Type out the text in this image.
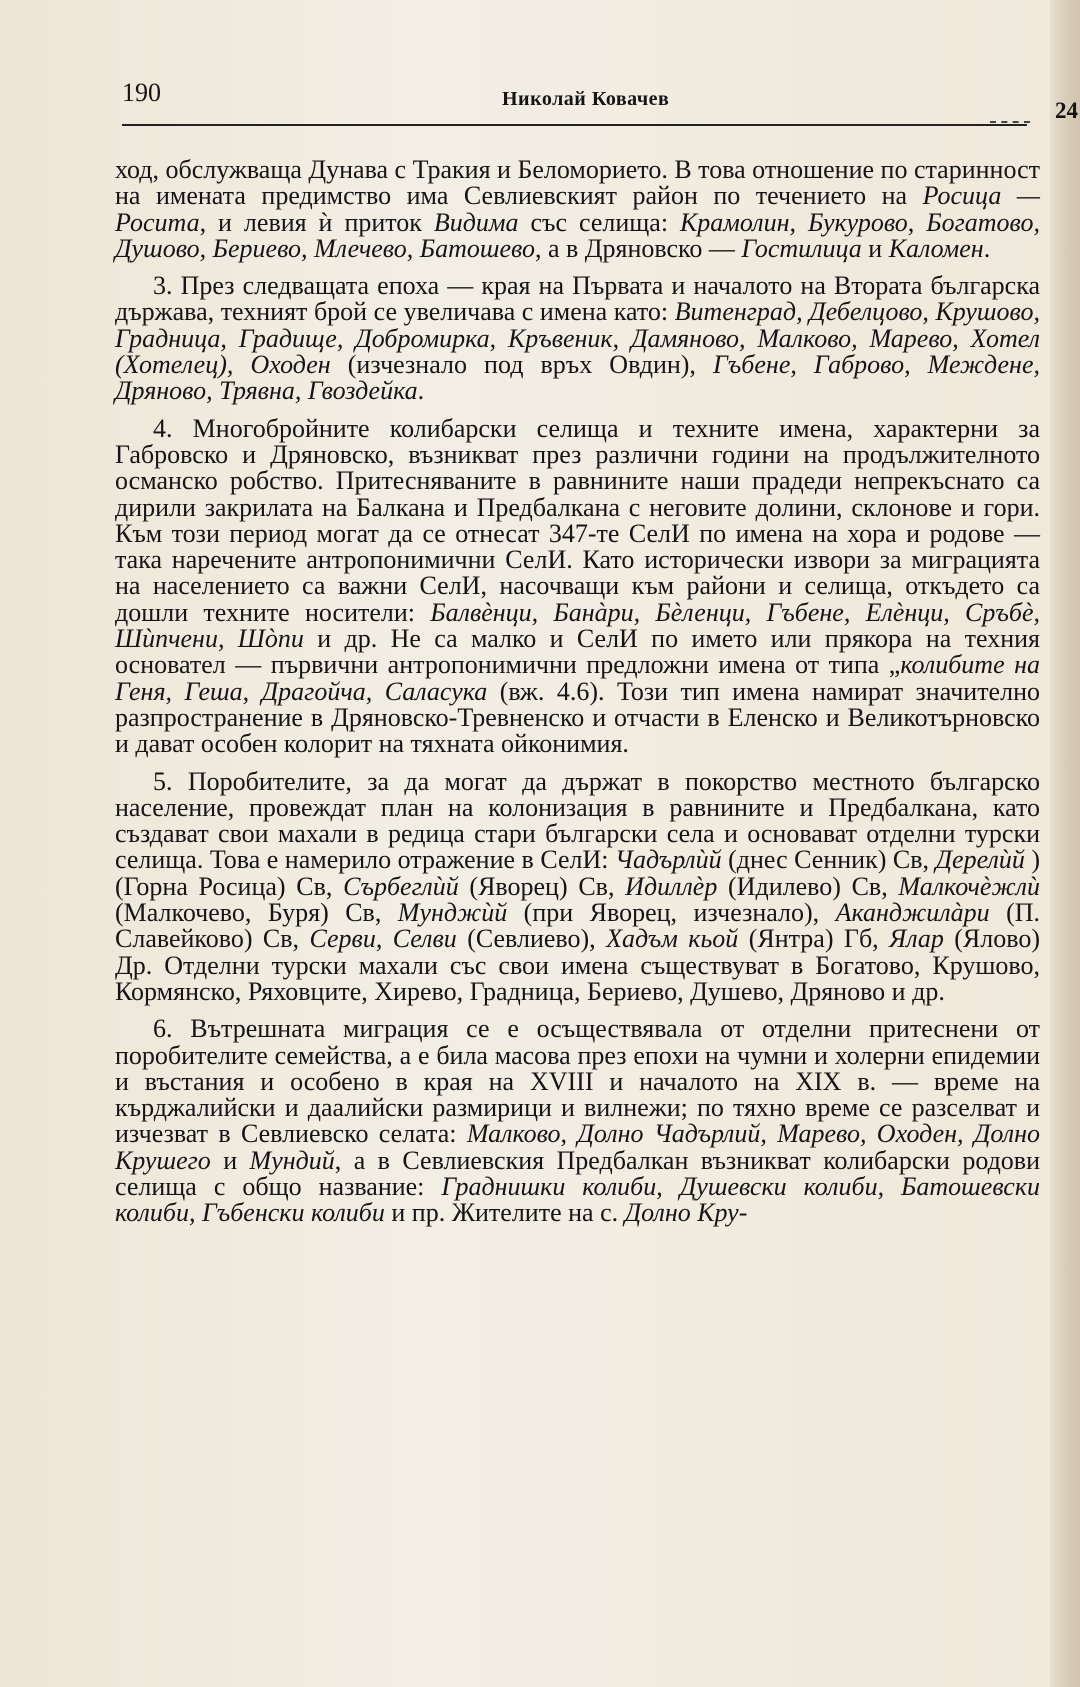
24
190	Николай Ковачев

ход, обслужваща Дунава с Тракия и Беломорието. В това отношение по старинност на имената предимство има Севлиевският район по течението на Росица — Росита, и левия ѝ приток Видима със селища: Крамолин, Букурово, Богатово, Душово, Бериево, Млечево, Батошево, а в Дряновско — Гостилица и Каломен.

3. През следващата епоха — края на Първата и началото на Втората българска държава, техният брой се увеличава с имена като: Витенград, Дебелцово, Крушово, Градница, Градище, Добромирка, Кръвеник, Дамяново, Малково, Марево, Хотел (Хотелец), Оходен (изчезнало под връх Овдин), Гъбене, Габрово, Междене, Дряново, Трявна, Гвоздейка.

4. Многобройните колибарски селища и техните имена, характерни за Габровско и Дряновско, възникват през различни години на продължителното османско робство. Притесняваните в равнините наши прадеди непрекъснато са дирили закрилата на Балкана и Предбалкана с неговите долини, склонове и гори. Към този период могат да се отнесат 347-те СелИ по имена на хора и родове — така наречените антропонимични СелИ. Като исторически извори за миграцията на населението са важни СелИ, насочващи към райони и селища, откъдето са дошли техните носители: Балвѐнци, Банàри, Бѐленци, Гъбене, Елѐнци, Сръбѐ, Шѝпчени, Шòпи и др. Не са малко и СелИ по името или прякора на техния основател — първични антропонимични предложни имена от типа „колибите на Геня, Геша, Драгойча, Саласука (вж. 4.6). Този тип имена намират значително разпространение в Дряновско-Тревненско и отчасти в Еленско и Великотърновско и дават особен колорит на тяхната ойконимия.

5. Поробителите, за да могат да държат в покорство местното българско население, провеждат план на колонизация в равнините и Предбалкана, като създават свои махали в редица стари български села и основават отделни турски селища. Това е намерило отражение в СелИ: Чадърлѝй (днес Сенник) Св, Дерелѝй )(Горна Росица) Св, Сърбеглѝй (Яворец) Св, Идиллѐр (Идилево) Св, Малкочѐжлѝ (Малкочево, Буря) Св, Мунджѝй (при Яворец, изчезнало), Аканджилàри (П. Славейково) Св, Серви, Селви (Севлиево), Хадъм кьой (Янтра) Гб, Ялар (Ялово) Др. Отделни турски махали със свои имена съществуват в Богатово, Крушово, Кормянско, Ряховците, Хирево, Градница, Бериево, Душево, Дряново и др.

6. Вътрешната миграция се е осъществявала от отделни притеснени от поробителите семейства, а е била масова през епохи на чумни и холерни епидемии и въстания и особено в края на XVIII и началото на XIX в. — време на кърджалийски и даалийски размирици и вилнежи; по тяхно време се разселват и изчезват в Севлиевско селата: Малково, Долно Чадърлий, Марево, Оходен, Долно Крушего и Мундий, а в Севлиевския Предбалкан възникват колибарски родови селища с общо название: Граднишки колиби, Душевски колиби, Батошевски колиби, Гъбенски колиби и пр. Жителите на с. Долно Кру-
